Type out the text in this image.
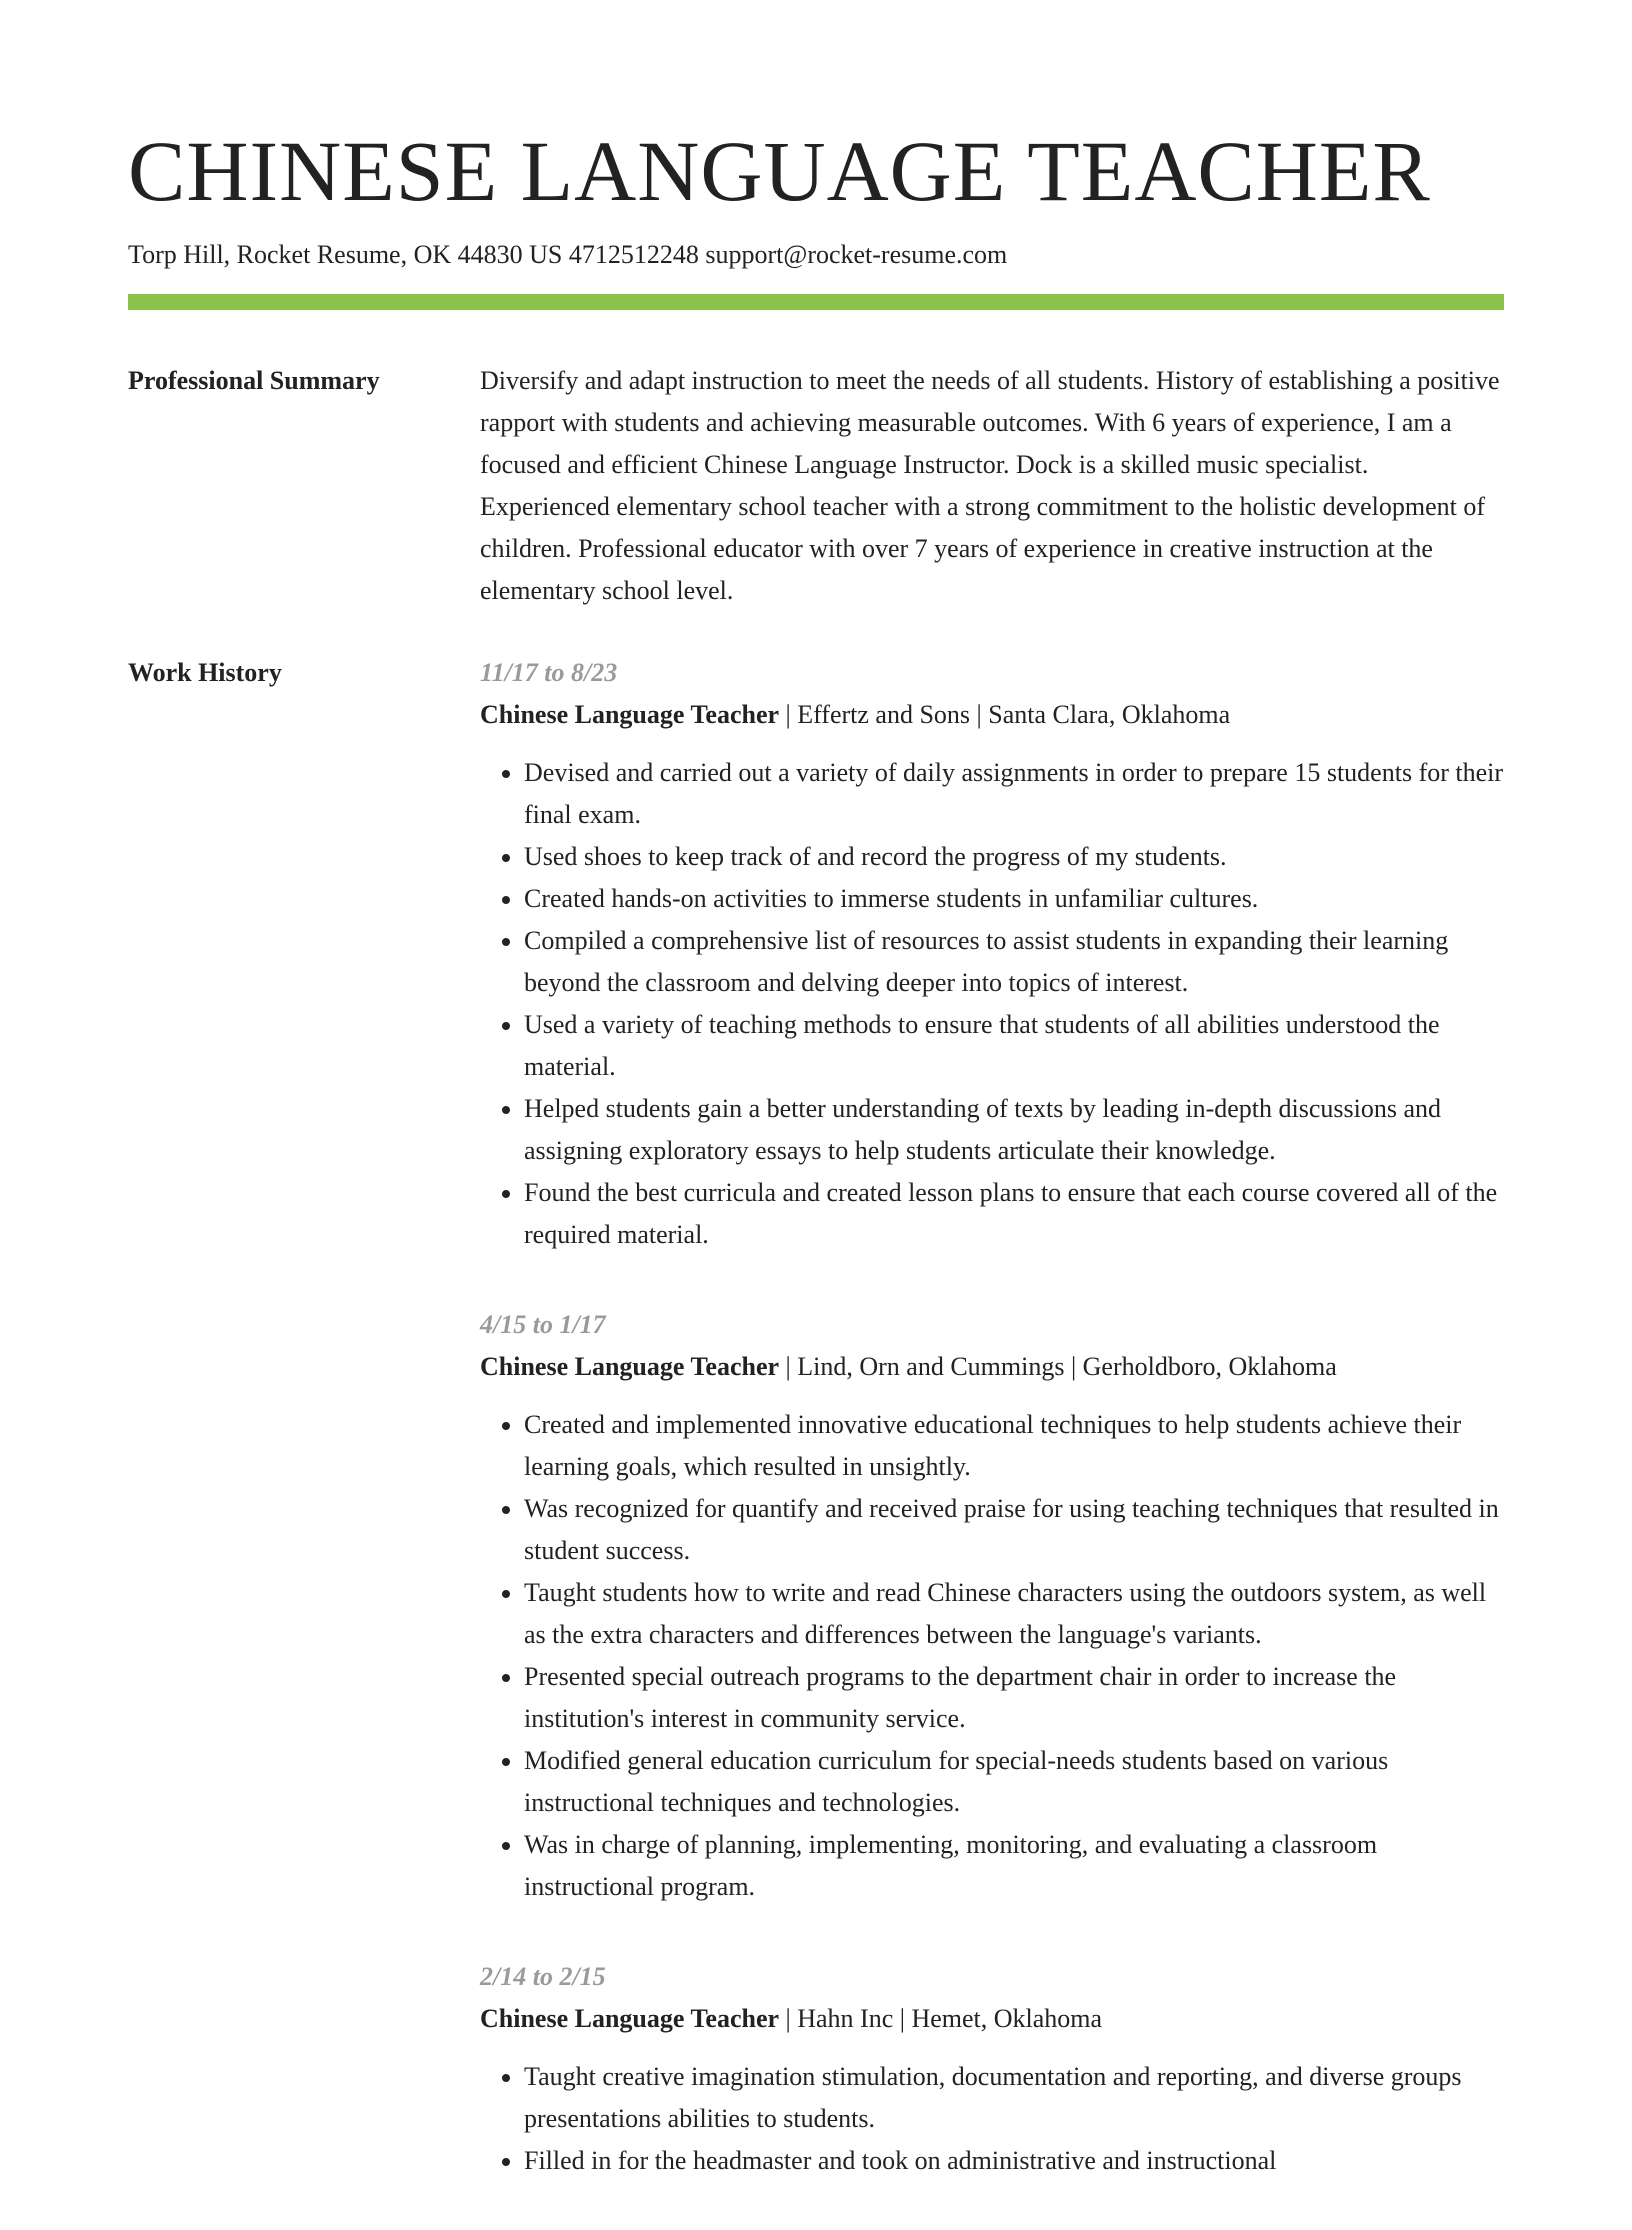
CHINESE LANGUAGE TEACHER
Torp Hill, Rocket Resume, OK 44830 US 4712512248 support@rocket-resume.com
Professional Summary	Diversify and adapt instruction to meet the needs of all students. History of establishing a positive rapport with students and achieving measurable outcomes. With 6 years of experience, I am a focused and efficient Chinese Language Instructor. Dock is a skilled music specialist. Experienced elementary school teacher with a strong commitment to the holistic development of children. Professional educator with over 7 years of experience in creative instruction at the elementary school level.

Work History	11/17 to 8/23
Chinese Language Teacher | Effertz and Sons | Santa Clara, Oklahoma
• Devised and carried out a variety of daily assignments in order to prepare 15 students for their final exam.
• Used shoes to keep track of and record the progress of my students.
• Created hands-on activities to immerse students in unfamiliar cultures.
• Compiled a comprehensive list of resources to assist students in expanding their learning beyond the classroom and delving deeper into topics of interest.
• Used a variety of teaching methods to ensure that students of all abilities understood the material.
• Helped students gain a better understanding of texts by leading in-depth discussions and assigning exploratory essays to help students articulate their knowledge.
• Found the best curricula and created lesson plans to ensure that each course covered all of the required material.
4/15 to 1/17
Chinese Language Teacher | Lind, Orn and Cummings | Gerholdboro, Oklahoma
• Created and implemented innovative educational techniques to help students achieve their learning goals, which resulted in unsightly.
• Was recognized for quantify and received praise for using teaching techniques that resulted in student success.
• Taught students how to write and read Chinese characters using the outdoors system, as well as the extra characters and differences between the language's variants.
• Presented special outreach programs to the department chair in order to increase the institution's interest in community service.
• Modified general education curriculum for special-needs students based on various instructional techniques and technologies.
• Was in charge of planning, implementing, monitoring, and evaluating a classroom instructional program.
2/14 to 2/15
Chinese Language Teacher | Hahn Inc | Hemet, Oklahoma
• Taught creative imagination stimulation, documentation and reporting, and diverse groups presentations abilities to students.
• Filled in for the headmaster and took on administrative and instructional
